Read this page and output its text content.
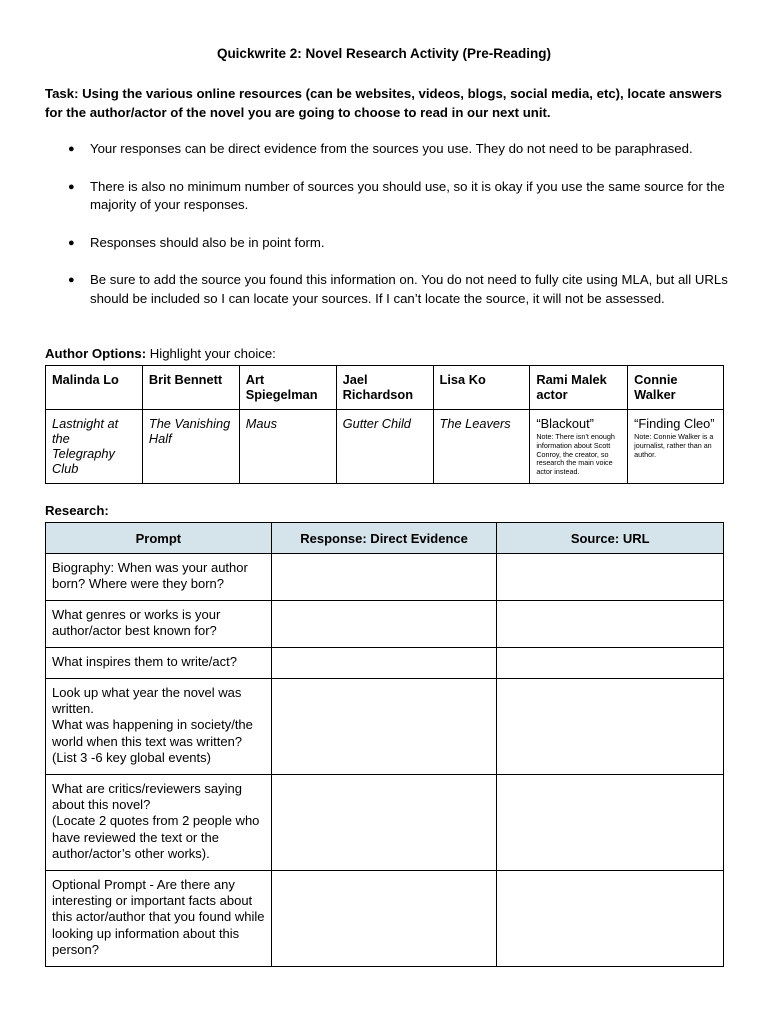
Quickwrite 2: Novel Research Activity (Pre-Reading)
Task: Using the various online resources (can be websites, videos, blogs, social media, etc), locate answers for the author/actor of the novel you are going to choose to read in our next unit.
● Your responses can be direct evidence from the sources you use. They do not need to be paraphrased.
● There is also no minimum number of sources you should use, so it is okay if you use the same source for the majority of your responses.
● Responses should also be in point form.
● Be sure to add the source you found this information on. You do not need to fully cite using MLA, but all URLs should be included so I can locate your sources. If I can’t locate the source, it will not be assessed.
Author Options: Highlight your choice:
Malinda Lo	Brit Bennett	Art Spiegelman	Jael Richardson	Lisa Ko	Rami Malek actor	Connie Walker
Lastnight at the Telegraphy Club	The Vanishing Half	Maus	Gutter Child	The Leavers	“Blackout”
Note: There isn’t enough information about Scott Conroy, the creator, so research the main voice actor instead.	“Finding Cleo”
Note: Connie Walker is a journalist, rather than an author.
Research:
Prompt	Response: Direct Evidence	Source: URL

Biography: When was your author born? Where were they born?		

What genres or works is your author/actor best known for?		

What inspires them to write/act?		

Look up what year the novel was written.
What was happening in society/the world when this text was written? (List 3 -6 key global events)		

What are critics/reviewers saying about this novel?
(Locate 2 quotes from 2 people who have reviewed the text or the author/actor’s other works).		

Optional Prompt - Are there any interesting or important facts about this actor/author that you found while looking up information about this person?		
